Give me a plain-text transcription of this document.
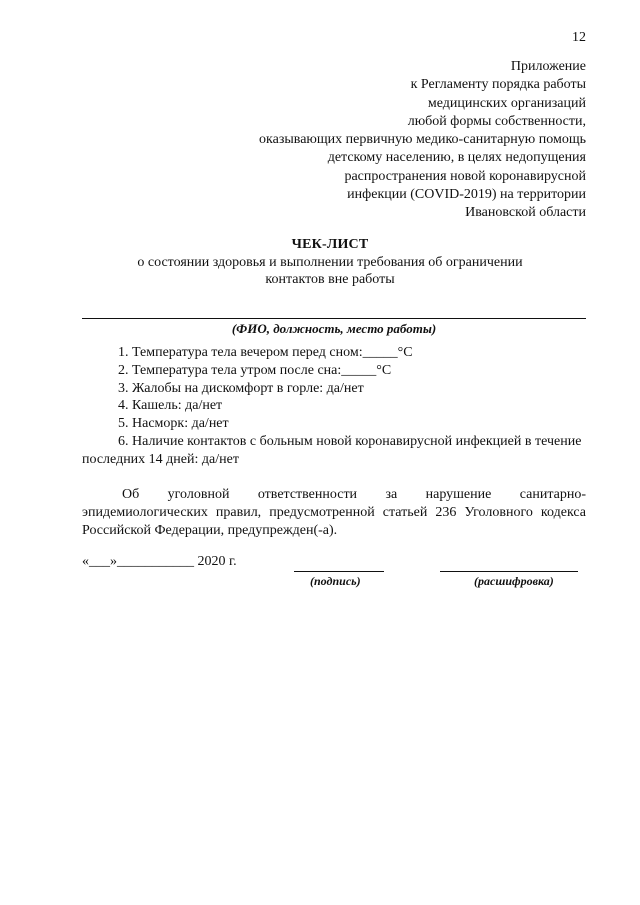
12
Приложение
к Регламенту порядка работы
медицинских организаций
любой формы собственности,
оказывающих первичную медико-санитарную помощь
детскому населению, в целях недопущения
распространения новой коронавирусной
инфекции (COVID-2019) на территории
Ивановской области
ЧЕК-ЛИСТ
о состоянии здоровья и выполнении требования об ограничении
контактов вне работы
(ФИО, должность, место работы)
1. Температура тела вечером перед сном:_____°С
2. Температура тела утром после сна:_____°С
3. Жалобы на дискомфорт в горле: да/нет
4. Кашель: да/нет
5. Насморк: да/нет
6. Наличие контактов с больным новой коронавирусной инфекцией в течение последних 14 дней: да/нет
Об уголовной ответственности за нарушение санитарно-эпидемиологических правил, предусмотренной статьей 236 Уголовного кодекса Российской Федерации, предупрежден(-а).
«___»___________ 2020 г.
(подпись)	(расшифровка)
